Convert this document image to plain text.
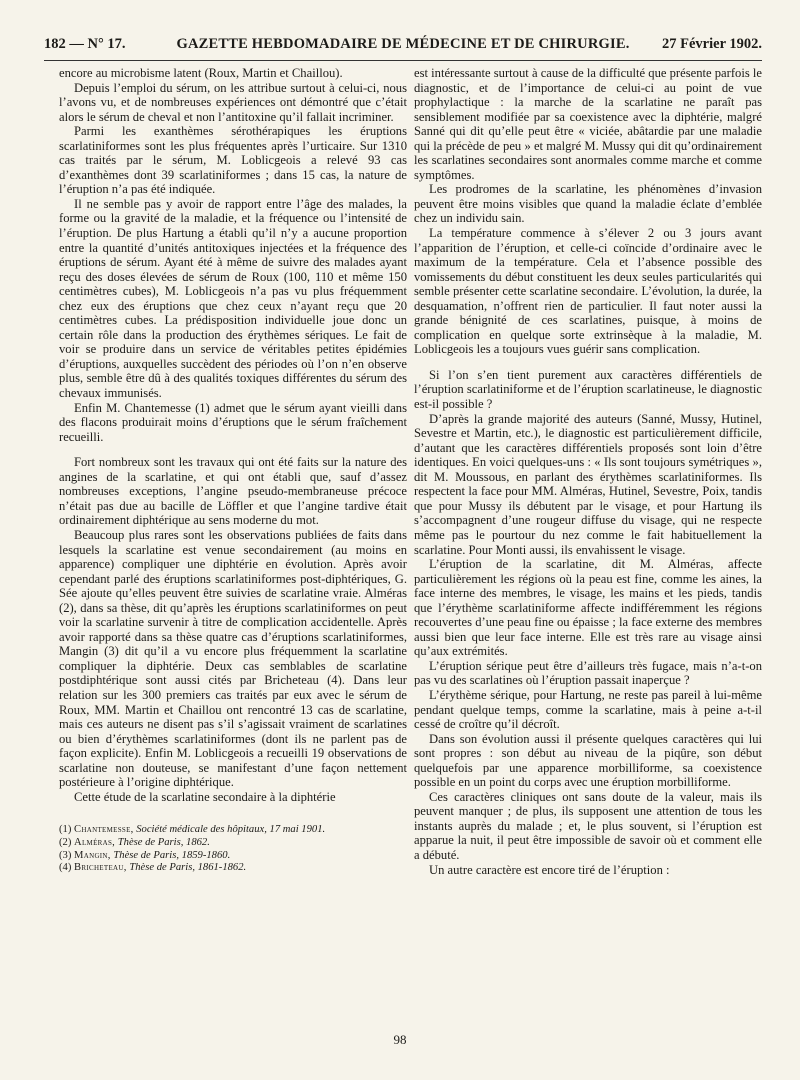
182 — N° 17.	GAZETTE HEBDOMADAIRE DE MÉDECINE ET DE CHIRURGIE.	27 Février 1902.

encore au microbisme latent (Roux, Martin et Chaillou).

Depuis l’emploi du sérum, on les attribue surtout à celui-ci, nous l’avons vu, et de nombreuses expériences ont démontré que c’était alors le sérum de cheval et non l’antitoxine qu’il fallait incriminer.

Parmi les exanthèmes sérothérapiques les éruptions scarlatiniformes sont les plus fréquentes après l’urticaire. Sur 1310 cas traités par le sérum, M. Loblicgeois a relevé 93 cas d’exanthèmes dont 39 scarlatiniformes ; dans 15 cas, la nature de l’éruption n’a pas été indiquée.

Il ne semble pas y avoir de rapport entre l’âge des malades, la forme ou la gravité de la maladie, et la fréquence ou l’intensité de l’éruption. De plus Hartung a établi qu’il n’y a aucune proportion entre la quantité d’unités antitoxiques injectées et la fréquence des éruptions de sérum. Ayant été à même de suivre des malades ayant reçu des doses élevées de sérum de Roux (100, 110 et même 150 centimètres cubes), M. Loblicgeois n’a pas vu plus fréquemment chez eux des éruptions que chez ceux n’ayant reçu que 20 centimètres cubes. La prédisposition individuelle joue donc un certain rôle dans la production des érythèmes sériques. Le fait de voir se produire dans un service de véritables petites épidémies d’éruptions, auxquelles succèdent des périodes où l’on n’en observe plus, semble être dû à des qualités toxiques différentes du sérum des chevaux immunisés.

Enfin M. Chantemesse (1) admet que le sérum ayant vieilli dans des flacons produirait moins d’éruptions que le sérum fraîchement recueilli.

Fort nombreux sont les travaux qui ont été faits sur la nature des angines de la scarlatine, et qui ont établi que, sauf d’assez nombreuses exceptions, l’angine pseudo-membraneuse précoce n’était pas due au bacille de Löffler et que l’angine tardive était ordinairement diphtérique au sens moderne du mot.

Beaucoup plus rares sont les observations publiées de faits dans lesquels la scarlatine est venue secondairement (au moins en apparence) compliquer une diphtérie en évolution. Après avoir cependant parlé des éruptions scarlatiniformes post-diphtériques, G. Sée ajoute qu’elles peuvent être suivies de scarlatine vraie. Alméras (2), dans sa thèse, dit qu’après les éruptions scarlatiniformes on peut voir la scarlatine survenir à titre de complication accidentelle. Après avoir rapporté dans sa thèse quatre cas d’éruptions scarlatiniformes, Mangin (3) dit qu’il a vu encore plus fréquemment la scarlatine compliquer la diphtérie. Deux cas semblables de scarlatine postdiphtérique sont aussi cités par Bricheteau (4). Dans leur relation sur les 300 premiers cas traités par eux avec le sérum de Roux, MM. Martin et Chaillou ont rencontré 13 cas de scarlatine, mais ces auteurs ne disent pas s’il s’agissait vraiment de scarlatines ou bien d’érythèmes scarlatiniformes (dont ils ne parlent pas de façon explicite). Enfin M. Loblicgeois a recueilli 19 observations de scarlatine non douteuse, se manifestant d’une façon nettement postérieure à l’origine diphtérique.

Cette étude de la scarlatine secondaire à la diphtérie

(1) Chantemesse, Société médicale des hôpitaux, 17 mai 1901.
(2) Alméras, Thèse de Paris, 1862.
(3) Mangin, Thèse de Paris, 1859-1860.
(4) Bricheteau, Thèse de Paris, 1861-1862.

est intéressante surtout à cause de la difficulté que présente parfois le diagnostic, et de l’importance de celui-ci au point de vue prophylactique : la marche de la scarlatine ne paraît pas sensiblement modifiée par sa coexistence avec la diphtérie, malgré Sanné qui dit qu’elle peut être « viciée, abâtardie par une maladie qui la précède de peu » et malgré M. Mussy qui dit qu’ordinairement les scarlatines secondaires sont anormales comme marche et comme symptômes.

Les prodromes de la scarlatine, les phénomènes d’invasion peuvent être moins visibles que quand la maladie éclate d’emblée chez un individu sain.

La température commence à s’élever 2 ou 3 jours avant l’apparition de l’éruption, et celle-ci coïncide d’ordinaire avec le maximum de la température. Cela et l’absence possible des vomissements du début constituent les deux seules particularités qui semble présenter cette scarlatine secondaire. L’évolution, la durée, la desquamation, n’offrent rien de particulier. Il faut noter aussi la grande bénignité de ces scarlatines, puisque, à moins de complication en quelque sorte extrinsèque à la maladie, M. Loblicgeois les a toujours vues guérir sans complication.

Si l’on s’en tient purement aux caractères différentiels de l’éruption scarlatiniforme et de l’éruption scarlatineuse, le diagnostic est-il possible ?

D’après la grande majorité des auteurs (Sanné, Mussy, Hutinel, Sevestre et Martin, etc.), le diagnostic est particulièrement difficile, d’autant que les caractères différentiels proposés sont loin d’être identiques. En voici quelques-uns : « Ils sont toujours symétriques », dit M. Moussous, en parlant des érythèmes scarlatiniformes. Ils respectent la face pour MM. Alméras, Hutinel, Sevestre, Poix, tandis que pour Mussy ils débutent par le visage, et pour Hartung ils s’accompagnent d’une rougeur diffuse du visage, qui ne respecte même pas le pourtour du nez comme le fait habituellement la scarlatine. Pour Monti aussi, ils envahissent le visage.

L’éruption de la scarlatine, dit M. Alméras, affecte particulièrement les régions où la peau est fine, comme les aines, la face interne des membres, le visage, les mains et les pieds, tandis que l’érythème scarlatiniforme affecte indifféremment les régions recouvertes d’une peau fine ou épaisse ; la face externe des membres aussi bien que leur face interne. Elle est très rare au visage ainsi qu’aux extrémités.

L’éruption sérique peut être d’ailleurs très fugace, mais n’a-t-on pas vu des scarlatines où l’éruption passait inaperçue ?

L’érythème sérique, pour Hartung, ne reste pas pareil à lui-même pendant quelque temps, comme la scarlatine, mais à peine a-t-il cessé de croître qu’il décroît.

Dans son évolution aussi il présente quelques caractères qui lui sont propres : son début au niveau de la piqûre, son début quelquefois par une apparence morbilliforme, sa coexistence possible en un point du corps avec une éruption morbilliforme.

Ces caractères cliniques ont sans doute de la valeur, mais ils peuvent manquer ; de plus, ils supposent une attention de tous les instants auprès du malade ; et, le plus souvent, si l’éruption est apparue la nuit, il peut être impossible de savoir où et comment elle a débuté.

Un autre caractère est encore tiré de l’éruption :

98
